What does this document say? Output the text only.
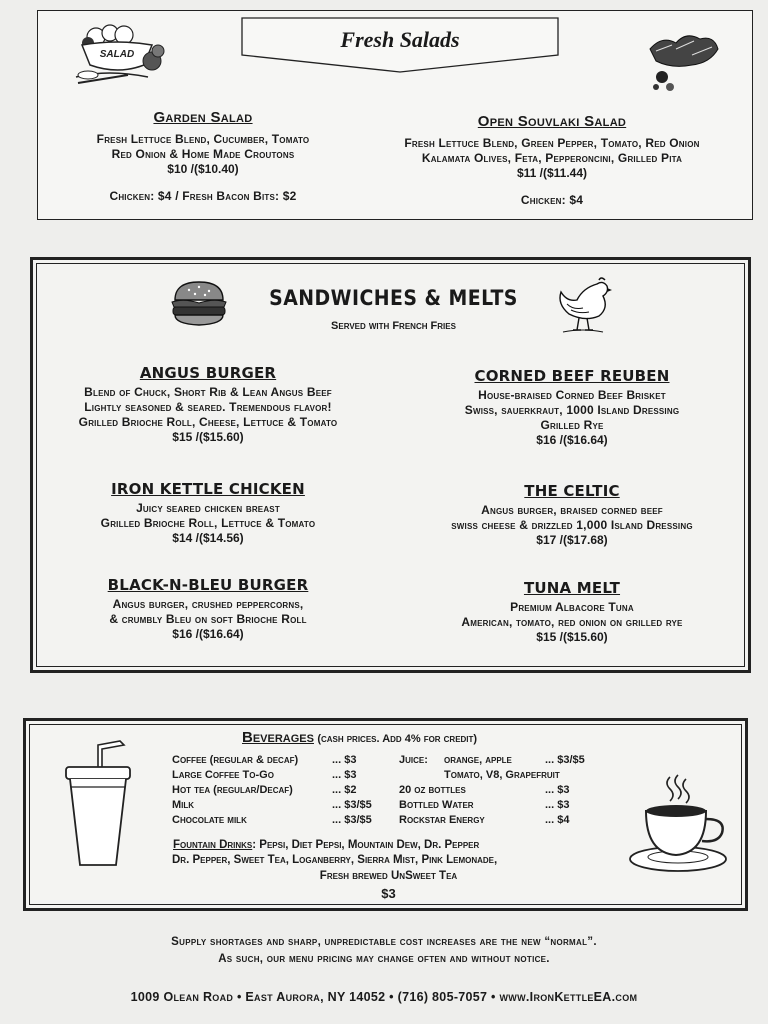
Fresh Salads
SALAD
Garden Salad
Fresh Lettuce Blend, Cucumber, Tomato
Red Onion & Home Made Croutons
$10 /($10.40)
Chicken: $4 / Fresh Bacon Bits: $2
Open Souvlaki Salad
Fresh Lettuce Blend, Green Pepper, Tomato, Red Onion
Kalamata Olives, Feta, Pepperoncini, Grilled Pita
$11 /($11.44)
Chicken: $4
SANDWICHES & MELTS
Served with French Fries
ANGUS BURGER
Blend of Chuck, Short Rib & Lean Angus Beef
Lightly seasoned & seared. Tremendous flavor!
Grilled Brioche Roll, Cheese, Lettuce & Tomato
$15 /($15.60)
CORNED BEEF REUBEN
House-braised Corned Beef Brisket
Swiss, sauerkraut, 1000 Island Dressing
Grilled Rye
$16 /($16.64)
IRON KETTLE CHICKEN
Juicy seared chicken breast
Grilled Brioche Roll, Lettuce & Tomato
$14 /($14.56)
THE CELTIC
Angus burger, braised corned beef
swiss cheese & drizzled 1,000 Island Dressing
$17 /($17.68)
BLACK-N-BLEU BURGER
Angus burger, crushed peppercorns,
& crumbly Bleu on soft Brioche Roll
$16 /($16.64)
TUNA MELT
Premium Albacore Tuna
American, tomato, red onion on grilled rye
$15 /($15.60)
Beverages (cash prices. Add 4% for credit)
Coffee (regular & decaf)	... $3
Large Coffee To-Go	... $3
Hot tea (regular/Decaf)	... $2
Milk	... $3/$5
Chocolate milk	... $3/$5
Juice: orange, apple	... $3/$5
Tomato, V8, Grapefruit
20 oz bottles	... $3
Bottled Water	... $3
Rockstar Energy	... $4
Fountain Drinks: Pepsi, Diet Pepsi, Mountain Dew, Dr. Pepper
Dr. Pepper, Sweet Tea, Loganberry, Sierra Mist, Pink Lemonade,
Fresh brewed UnSweet Tea
$3
Supply shortages and sharp, unpredictable cost increases are the new “normal”.
As such, our menu pricing may change often and without notice.
1009 Olean Road • East Aurora, NY 14052 • (716) 805-7057 • www.IronKettleEA.com
